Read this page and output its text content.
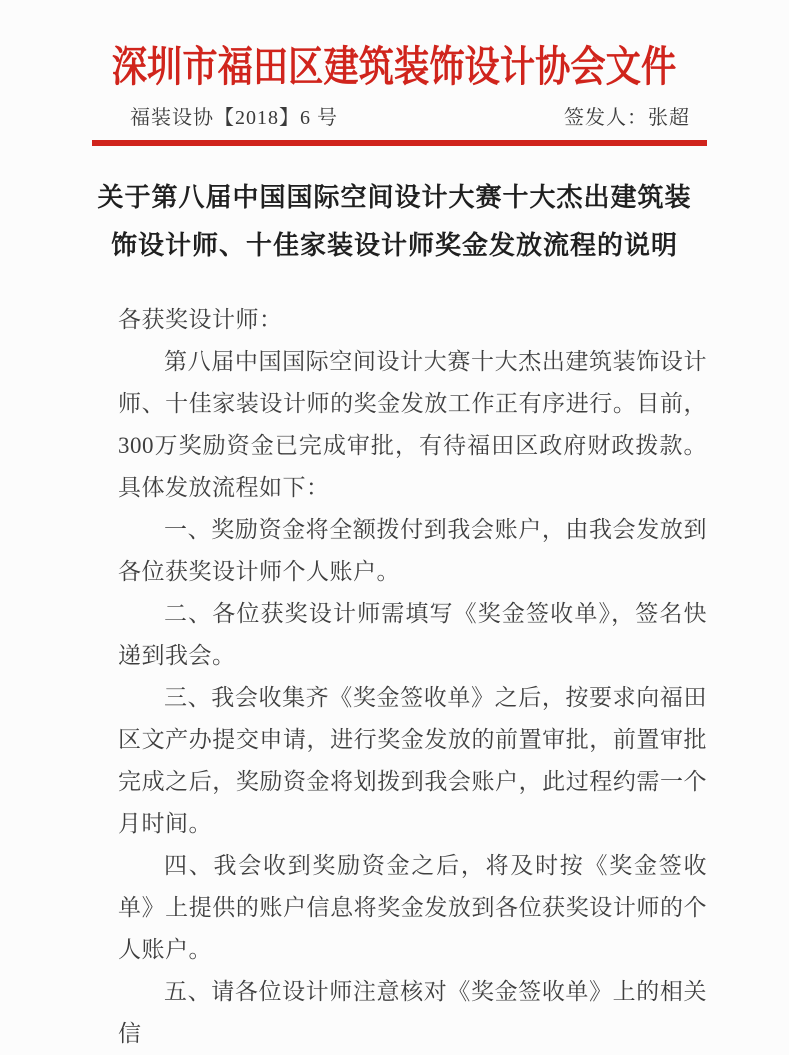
深圳市福田区建筑装饰设计协会文件
福装设协【2018】6 号	签发人：张超
关于第八届中国国际空间设计大赛十大杰出建筑装
饰设计师、十佳家装设计师奖金发放流程的说明

各获奖设计师：

第八届中国国际空间设计大赛十大杰出建筑装饰设计师、十佳家装设计师的奖金发放工作正有序进行。目前，300万奖励资金已完成审批，有待福田区政府财政拨款。具体发放流程如下：

一、奖励资金将全额拨付到我会账户，由我会发放到各位获奖设计师个人账户。

二、各位获奖设计师需填写《奖金签收单》，签名快递到我会。

三、我会收集齐《奖金签收单》之后，按要求向福田区文产办提交申请，进行奖金发放的前置审批，前置审批完成之后，奖励资金将划拨到我会账户，此过程约需一个月时间。

四、我会收到奖励资金之后，将及时按《奖金签收单》上提供的账户信息将奖金发放到各位获奖设计师的个人账户。

五、请各位设计师注意核对《奖金签收单》上的相关信
